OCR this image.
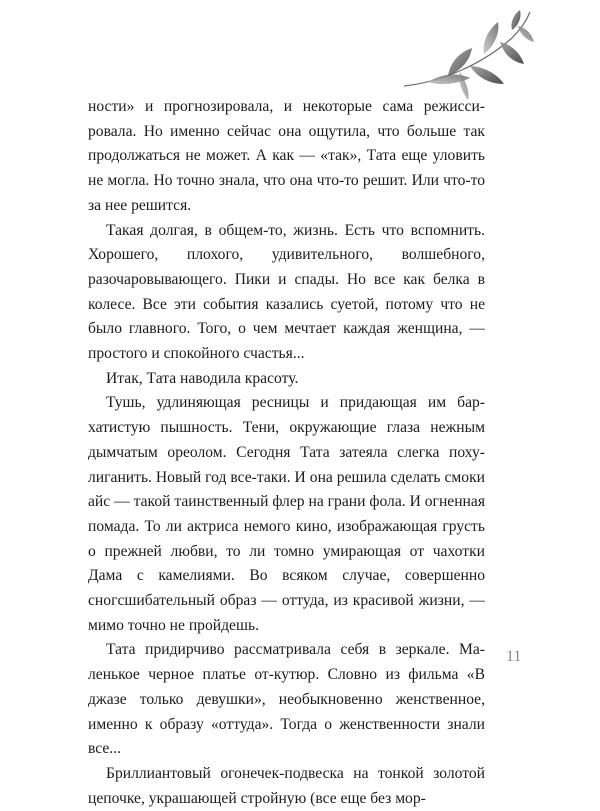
ности» и прогнозировала, и некоторые сама режиссировала. Но именно сейчас она ощутила, что больше так продолжаться не может. А как — «так», Тата еще уловить не могла. Но точно знала, что она что-то решит. Или что-то за нее решится.

Такая долгая, в общем-то, жизнь. Есть что вспомнить. Хорошего, плохого, удивительного, волшебного, разочаровывающего. Пики и спады. Но все как белка в колесе. Все эти события казались суетой, потому что не было главного. Того, о чем мечтает каждая женщина, — простого и спокойного счастья...

Итак, Тата наводила красоту.

Тушь, удлиняющая ресницы и придающая им бархатистую пышность. Тени, окружающие глаза нежным дымчатым ореолом. Сегодня Тата затеяла слегка похулиганить. Новый год все-таки. И она решила сделать смоки айс — такой таинственный флер на грани фола. И огненная помада. То ли актриса немого кино, изображающая грусть о прежней любви, то ли томно умирающая от чахотки Дама с камелиями. Во всяком случае, совершенно сногсшибательный образ — оттуда, из красивой жизни, — мимо точно не пройдешь.

Тата придирчиво рассматривала себя в зеркале. Маленькое черное платье от-кутюр. Словно из фильма «В джазе только девушки», необыкновенно женственное, именно к образу «оттуда». Тогда о женственности знали все...

Бриллиантовый огонечек-подвеска на тонкой золотой цепочке, украшающей стройную (все еще без мор-

11
